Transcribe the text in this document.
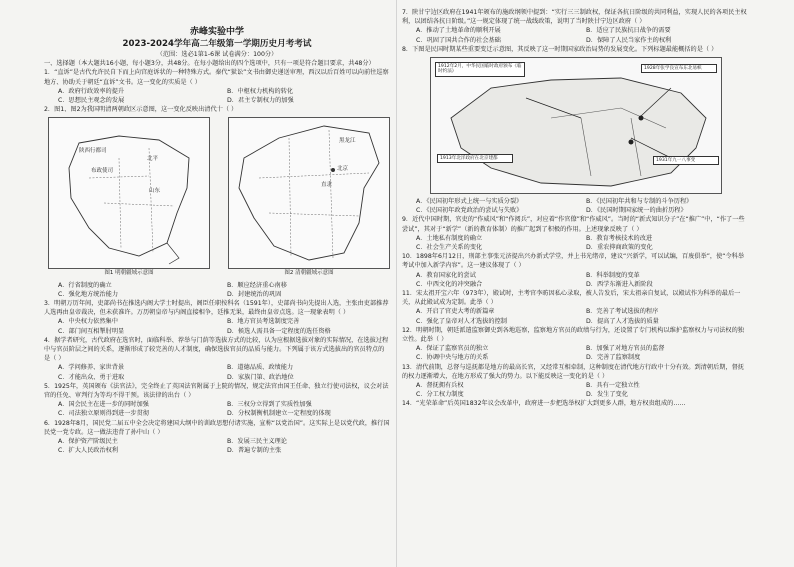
赤峰实验中学
2023-2024学年高二年级第一学期历史月考考试
（范围：选必1第1-6课 试卷满分：100分）

一、选择题（本大题共16小题，每小题3分，共48分。在每小题给出的四个选项中，只有一项是符合题目要求，共48分）

1．“直诉”是古代允许民自下而上向宫庭诉状的一种特殊方式。秦代“狱讼”文书由御史递送审理，西汉以后百姓可以向前往巡察地方、协助关于朝廷“直诉”文书。这一变化的实质是（ ）

A．政府行政效率的提升	B．中枢权力机构的转化
C．思想民主观念的发展	D．君主专制权力的加强

2．图1、图2为我国明清两朝政区示意图，这一变化反映出清代十（ ）

布政使司
山东
陕西行都司
北平
图1 明朝疆域示意图
北京
直隶
黑龙江
图2 清朝疆域示意图
A．行省制度的确立	B．顺应经济重心南移
C．强化地方统治能力	D．封建统治的巩固

3．明朝万历年间，吏部尚书在推选内阁大学士时提出，阁臣任职按科名（1591年），史部尚书向先提出人选，主张由吏部推荐人选再由皇帝裁决，但未获准许。万历朝皇帝与内阁直接相争，廷推无果，最终由皇帝点选。这一现象表明（ ）

A．中央权力依然集中	B．地方官员考选制度完善
C．部门间互相掣肘明显	D．候选人需具备一定程度的选任资格

4．据学者研究，古代政府在选官时，面临科举、荐举与门荫等选拔方式的比较，认为应根据选拔对象的实际情况，在选拔过程中与官员阶层之间的关系，逐渐形成了较完善的人才制度，确保选拔官员的品质与能力。下列属于该方式选拔出的官员特点的是（ ）

A．学问修养、家世背景	B．道德品质、政绩能力
C．才能出众、勇于进取	D．家族门第、政治地位

5．1925年，英国颁布《法官法》，完全终止了英国法官附属于上院的情况，规定法官由国王任命、独立行使司法权，议会对法官的任免、审判行为等均不得干预。该法律的出台（ ）

A．国会民主在进一步的同时加强	B．三权分立得到了实质性加强
C．司法独立原则得到进一步贯彻	D．分权制衡机制建立一定程度的体现

6．1928年8月，国民党二届五中全会决定将建国大纲中的训政思想付诸实施，宣称“以党治国”。这实际上是以党代政，推行国民党一党专政。这一做法违背了孙中山（ ）

A．保护资产阶级民主	B．发展三民主义理论
C．扩大人民政治权利	D．普遍专制的主张

7．陕甘宁边区政府在1941年颁布的施政纲领中提到：“实行三三制政权，保证各抗日阶级的共同利益，实现人民的各项民主权利，以团结各抗日阶级。”这一规定体现了统一战线政策，说明了当时陕甘宁边区政府（ ）

A．推动了土地革命的顺利开展	B．适应了民族抗日战争的需要
C．巩固了国共合作的社会基础	D．保障了人民当家作主的权利

8．下图是民国时期某些重要变迁示意图，其反映了这一时期国家政治局势的发展变化。下列标题最能概括的是（ ）

1912年2月，中华民国临时政府颁布《临时约法》
1928年张学良宣布东北易帜
1913年北洋政府在北京建都	1931年九一八事变
A．《民国初年形式上统一与实质分裂》	B．《民国初年共和与专制的斗争历程》
C．《民国初年政党政治的尝试与失败》	D．《民国时期国家统一的曲折历程》

9．近代中国时期，官吏的“作威风”和“作阅兵”，对应着“作官僚”和“作威风”。当时的“新式知识分子”在“推广”中，“作了一些尝试”，其对于“新学”（新的教育体制）的推广起到了积极的作用。上述现象反映了（ ）

A．土地私有制度的确立	B．教育考核技术的改进
C．社会生产关系的变化	D．重农抑商政策的变化

10．1898年6月12日，刑部主事张元济提出兴办新式学堂，并上书光绪帝，建议“兴新学，可以试编，百废俱举”，使“令科举考试中加入新学内容”。这一建议体现了（ ）

A．教育国家化的尝试	B．科举制度的变革
C．中西文化的冲突融合	D．西学东渐进入新阶段

11．宋太祖开宝六年（973年），殿试时，主考官李昉因私心录取，被人告发后，宋太祖亲自复试，以殿试作为科举的最后一关，从此殿试成为定制。此举（ ）

A．开启了官吏大考的新篇章	B．完善了考试选拔的程序
C．强化了皇帝对人才选拔的控制	D．提高了人才选拔的质量

12．明朝时期，朝廷派遣监察御史到各地巡察，监察地方官员的政绩与行为，还设置了专门机构以维护监察权力与司法权的独立性。此举（ ）

A．保证了监察官员的独立	B．加强了对地方官员的监督
C．协调中央与地方的关系	D．完善了监察制度

13．清代前期，总督与巡抚都是地方的最高长官，又经常互相牵制，这种制度在清代地方行政中十分有效。到清朝后期，督抚的权力逐渐增大，在地方形成了强大的势力。以下能反映这一变化的是（ ）

A．督抚拥有兵权	B．具有一定独立性
C．分工权力制度	D．发生了变化

14．“光荣革命”后英国1832年议会改革中，政府进一步把选举权扩大到更多人群，地方权贵组成的……
